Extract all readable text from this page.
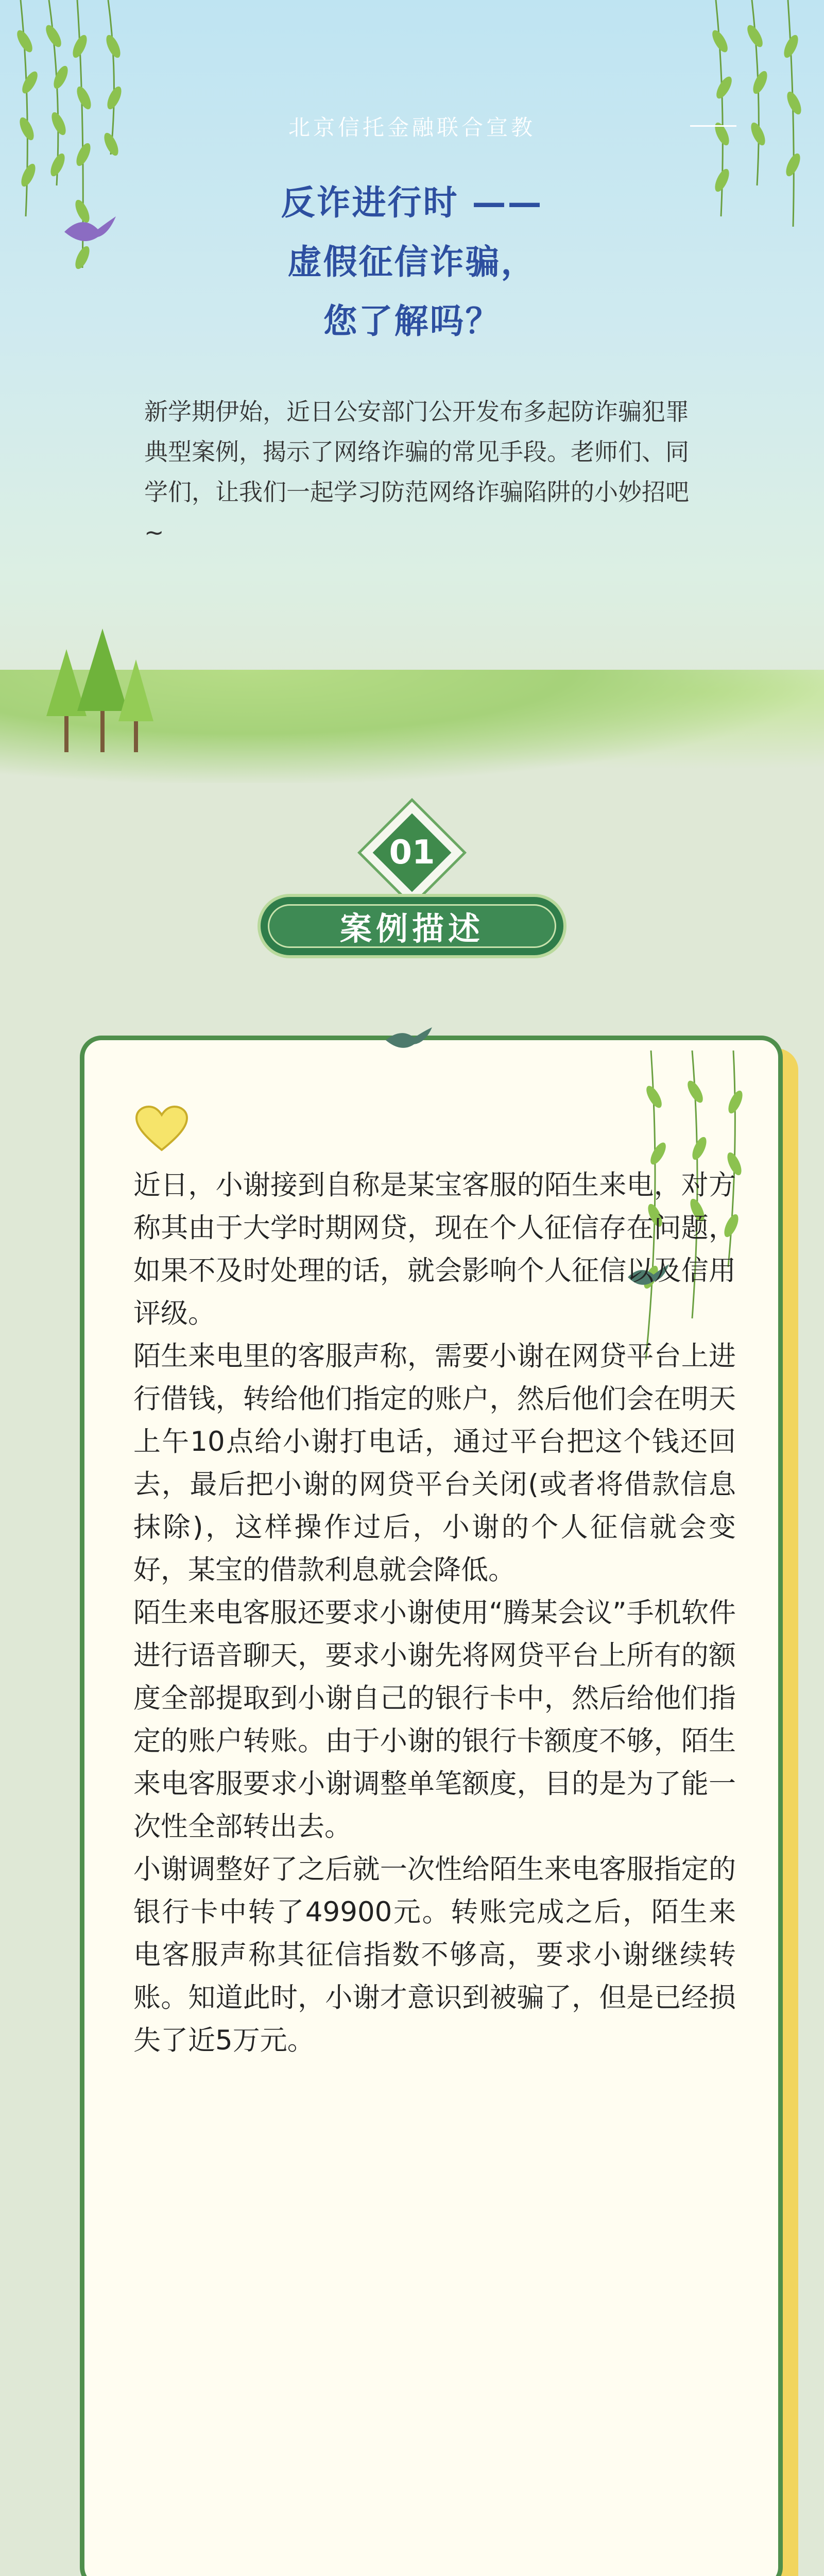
北京信托金融联合宣教
反诈进行时 ——
虚假征信诈骗，
您了解吗？
新学期伊始，近日公安部门公开发布多起防诈骗犯罪典型案例，揭示了网络诈骗的常见手段。老师们、同学们，让我们一起学习防范网络诈骗陷阱的小妙招吧~
01
案例描述

近日，小谢接到自称是某宝客服的陌生来电，对方称其由于大学时期网贷，现在个人征信存在问题，如果不及时处理的话，就会影响个人征信以及信用评级。

陌生来电里的客服声称，需要小谢在网贷平台上进行借钱，转给他们指定的账户，然后他们会在明天上午10点给小谢打电话，通过平台把这个钱还回去，最后把小谢的网贷平台关闭(或者将借款信息抹除)，这样操作过后，小谢的个人征信就会变好，某宝的借款利息就会降低。

陌生来电客服还要求小谢使用“腾某会议”手机软件进行语音聊天，要求小谢先将网贷平台上所有的额度全部提取到小谢自己的银行卡中，然后给他们指定的账户转账。由于小谢的银行卡额度不够，陌生来电客服要求小谢调整单笔额度，目的是为了能一次性全部转出去。

小谢调整好了之后就一次性给陌生来电客服指定的银行卡中转了49900元。转账完成之后，陌生来电客服声称其征信指数不够高，要求小谢继续转账。知道此时，小谢才意识到被骗了，但是已经损失了近5万元。
